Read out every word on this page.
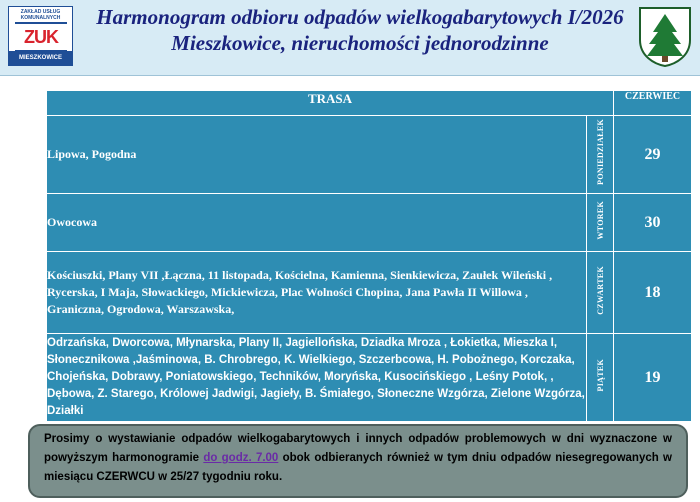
ZAKŁAD USŁUG
KOMUNALNYCH
ZUK
MIESZKOWICE
Harmonogram odbioru odpadów wielkogabarytowych I/2026
Mieszkowice, nieruchomości jednorodzinne
TRASA		CZERWIEC
Lipowa, Pogodna	PONIEDZIAŁEK	29
Owocowa	WTOREK	30
Kościuszki, Plany VII ,Łączna, 11 listopada, Kościelna, Kamienna, Sienkiewicza, Zaułek Wileński , Rycerska, I Maja, Słowackiego, Mickiewicza, Plac Wolności Chopina, Jana Pawła II Willowa , Graniczna, Ogrodowa, Warszawska,	CZWARTEK	18
Odrzańska, Dworcowa, Młynarska, Plany II, Jagiellońska, Dziadka Mroza , Łokietka, Mieszka I, Słonecznikowa ,Jaśminowa, B. Chrobrego, K. Wielkiego, Szczerbcowa, H. Pobożnego, Korczaka, Chojeńska, Dobrawy, Poniatowskiego, Techników, Moryńska, Kusocińskiego , Leśny Potok, , Dębowa, Z. Starego, Królowej Jadwigi, Jagieły, B. Śmiałego, Słoneczne Wzgórza, Zielone Wzgórza, Działki	PIĄTEK	19
Prosimy o wystawianie odpadów wielkogabarytowych i innych odpadów problemowych w dni wyznaczone w powyższym harmonogramie do godz. 7.00 obok odbieranych również w tym dniu odpadów niesegregowanych w miesiącu CZERWCU w 25/27 tygodniu roku.
